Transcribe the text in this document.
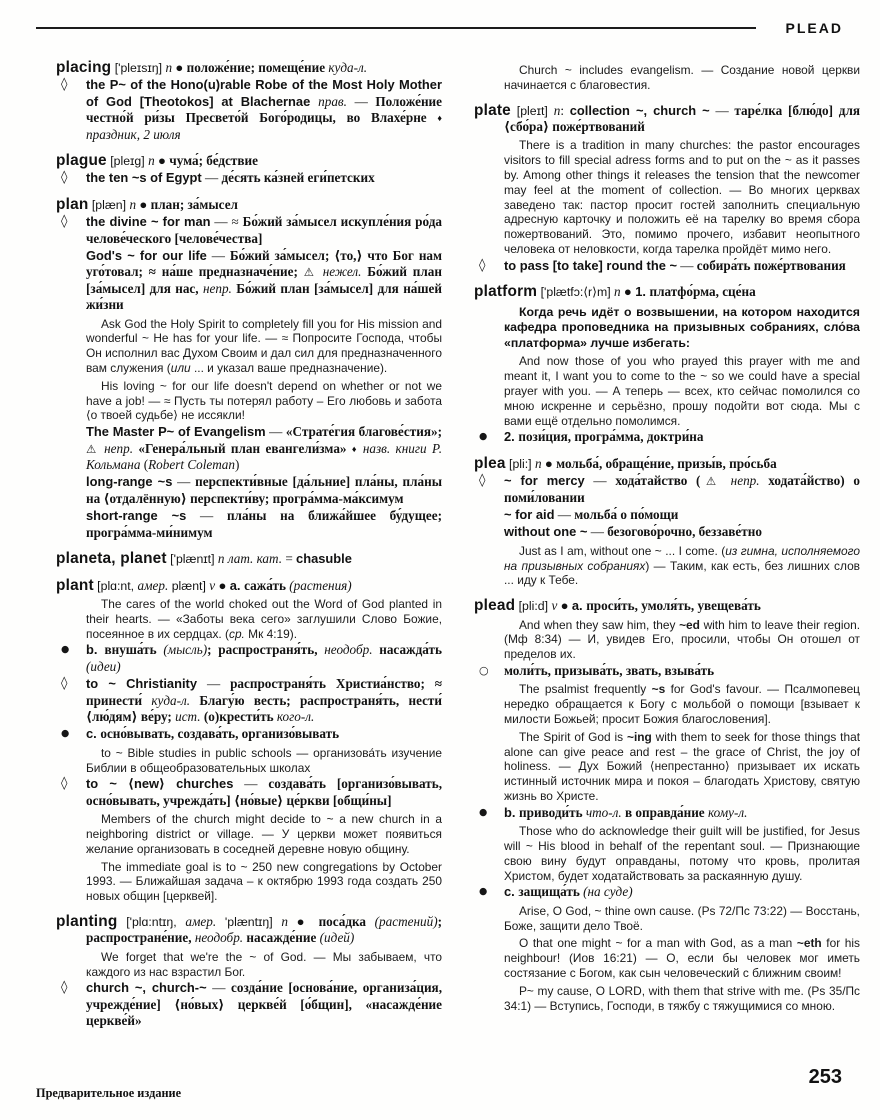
PLEAD
placing ['pleɪsɪŋ] n ● положе́ние; помеще́ние куда-л.
◊	the P~ of the Hono(u)rable Robe of the Most Holy Mother of God [Theotokos] at Blachernae прав. — Положе́ние честно́й ри́зы Пресвето́й Бого́родицы, во Влахе́рне ♦ праздник, 2 июля
plague [pleɪg] n ● чума́; бе́дствие
◊	the ten ~s of Egypt — де́сять ка́зней еги́петских
plan [plæn] n ● план; за́мысел
◊	the divine ~ for man — ≈ Бо́жий за́мысел искупле́ния ро́да челове́ческого [челове́чества]
God's ~ for our life — Бо́жий за́мысел; ⟨то,⟩ что Бог нам уго́товал; ≈ на́ше предназначе́ние; ⚠ нежел. Бо́жий план [за́мысел] для нас, непр. Бо́жий план [за́мысел] для на́шей жи́зни
Ask God the Holy Spirit to completely fill you for His mission and wonderful ~ He has for your life. — ≈ Попросите Господа, чтобы Он исполнил вас Духом Своим и дал сил для предназначенного вам служения (или ... и указал ваше предназначение).
His loving ~ for our life doesn't depend on whether or not we have a job! — ≈ Пусть ты потерял работу – Его любовь и забота ⟨о твоей судьбе⟩ не иссякли!
The Master P~ of Evangelism — «Страте́гия благове́стия»; ⚠ непр. «Генера́льный план евангели́зма» ♦ назв. книги Р. Кольмана (Robert Coleman)
long-range ~s — перспекти́вные [да́льние] пла́ны, пла́ны на ⟨отдалённую⟩ перспекти́ву; програ́мма-ма́ксимум
short-range ~s — пла́ны на ближа́йшее бу́дущее; програ́мма-ми́нимум
planeta, planet ['plænɪt] n лат. кат. = chasuble
plant [plɑ:nt, амер. plænt] v ● a. сажа́ть (растения)
The cares of the world choked out the Word of God planted in their hearts. — «Заботы века сего» заглушили Слово Божие, посеянное в их сердцах. (ср. Мк 4:19).
●	b. внуша́ть (мысль); распространя́ть, неодобр. насажда́ть (идеи)
◊	to ~ Christianity — распространя́ть Христиа́нство; ≈ принести́ куда-л. Благу́ю весть; распространя́ть, нести́ ⟨лю́дям⟩ ве́ру; ист. (о)крести́ть кого-л.
●	c. осно́вывать, создава́ть, организо́вывать
to ~ Bible studies in public schools — организова́ть изучение Библии в общеобразовательных школах
◊	to ~ ⟨new⟩ churches — создава́ть [организо́вывать, осно́вывать, учрежда́ть] ⟨но́вые⟩ це́ркви [общи́ны]
Members of the church might decide to ~ a new church in a neighboring district or village. — У церкви может появиться желание организовать в соседней деревне новую общину.
The immediate goal is to ~ 250 new congregations by October 1993. — Ближайшая задача – к октябрю 1993 года создать 250 новых общин [церквей].
planting ['plɑ:ntɪŋ, амер. 'plæntɪŋ] n ● поса́дка (растений); распростране́ние, неодобр. насажде́ние (идей)
We forget that we're the ~ of God. — Мы забываем, что каждого из нас взрастил Бог.
◊	church ~, church-~ — созда́ние [основа́ние, организа́ция, учрежде́ние] ⟨но́вых⟩ церкве́й [о́бщин], «насажде́ние церкве́й»
Church ~ includes evangelism. — Создание новой церкви начинается с благовестия.
plate [pleɪt] n: collection ~, church ~ — таре́лка [блю́до] для ⟨сбо́ра⟩ поже́ртвований
There is a tradition in many churches: the pastor encourages visitors to fill special adress forms and to put on the ~ as it passes by. Among other things it releases the tension that the newcomer may feel at the moment of collection. — Во многих церквах заведено так: пастор просит гостей заполнить специальную адресную карточку и положить её на тарелку во время сбора пожертвований. Это, помимо прочего, избавит неопытного человека от неловкости, когда тарелка пройдёт мимо него.
◊	to pass [to take] round the ~ — собира́ть поже́ртвования
platform ['plætfɔ:⟨r⟩m] n ● 1. платфо́рма, сце́на
Когда речь идёт о возвышении, на котором находится кафедра проповедника на призывных собраниях, сло́ва «платформа» лучше избегать:
And now those of you who prayed this prayer with me and meant it, I want you to come to the ~ so we could have a special prayer with you. — А теперь — всех, кто сейчас помолился со мною искренне и серьёзно, прошу подойти вот сюда. Мы с вами ещё отдельно помолимся.
●	2. пози́ция, програ́мма, доктри́на
plea [pli:] n ● мольба́, обраще́ние, призы́в, про́сьба
◊	~ for mercy — хода́тайство (⚠ непр. ходата́йство) о поми́ловании
~ for aid — мольба́ о по́мощи
without one ~ — безогово́рочно, беззаве́тно
Just as I am, without one ~ ... I come. (из гимна, исполняемого на призывных собраниях) — Таким, как есть, без лишних слов ... иду к Тебе.
plead [pli:d] v ● a. проси́ть, умоля́ть, увещева́ть
And when they saw him, they ~ed with him to leave their region. (Мф 8:34) — И, увидев Его, просили, чтобы Он отошел от пределов их.
○	моли́ть, призыва́ть, звать, взыва́ть
The psalmist frequently ~s for God's favour. — Псалмопевец нередко обращается к Богу с мольбой о помощи [взывает к милости Божьей; просит Божия благословения].
The Spirit of God is ~ing with them to seek for those things that alone can give peace and rest – the grace of Christ, the joy of holiness. — Дух Божий ⟨непрестанно⟩ призывает их искать истинный источник мира и покоя – благодать Христову, святую жизнь во Христе.
●	b. приводи́ть что-л. в оправда́ние кому-л.
Those who do acknowledge their guilt will be justified, for Jesus will ~ His blood in behalf of the repentant soul. — Признающие свою вину будут оправданы, потому что кровь, пролитая Христом, будет ходатайствовать за раскаянную душу.
●	c. защища́ть (на суде)
Arise, O God, ~ thine own cause. (Ps 72/Пс 73:22) — Восстань, Боже, защити дело Твоё.
O that one might ~ for a man with God, as a man ~eth for his neighbour! (Иов 16:21) — О, если бы человек мог иметь состязание с Богом, как сын человеческий с ближним своим!
P~ my cause, O LORD, with them that strive with me. (Ps 35/Пс 34:1) — Вступись, Господи, в тяжбу с тяжущимися со мною.
Предварительное издание
253
